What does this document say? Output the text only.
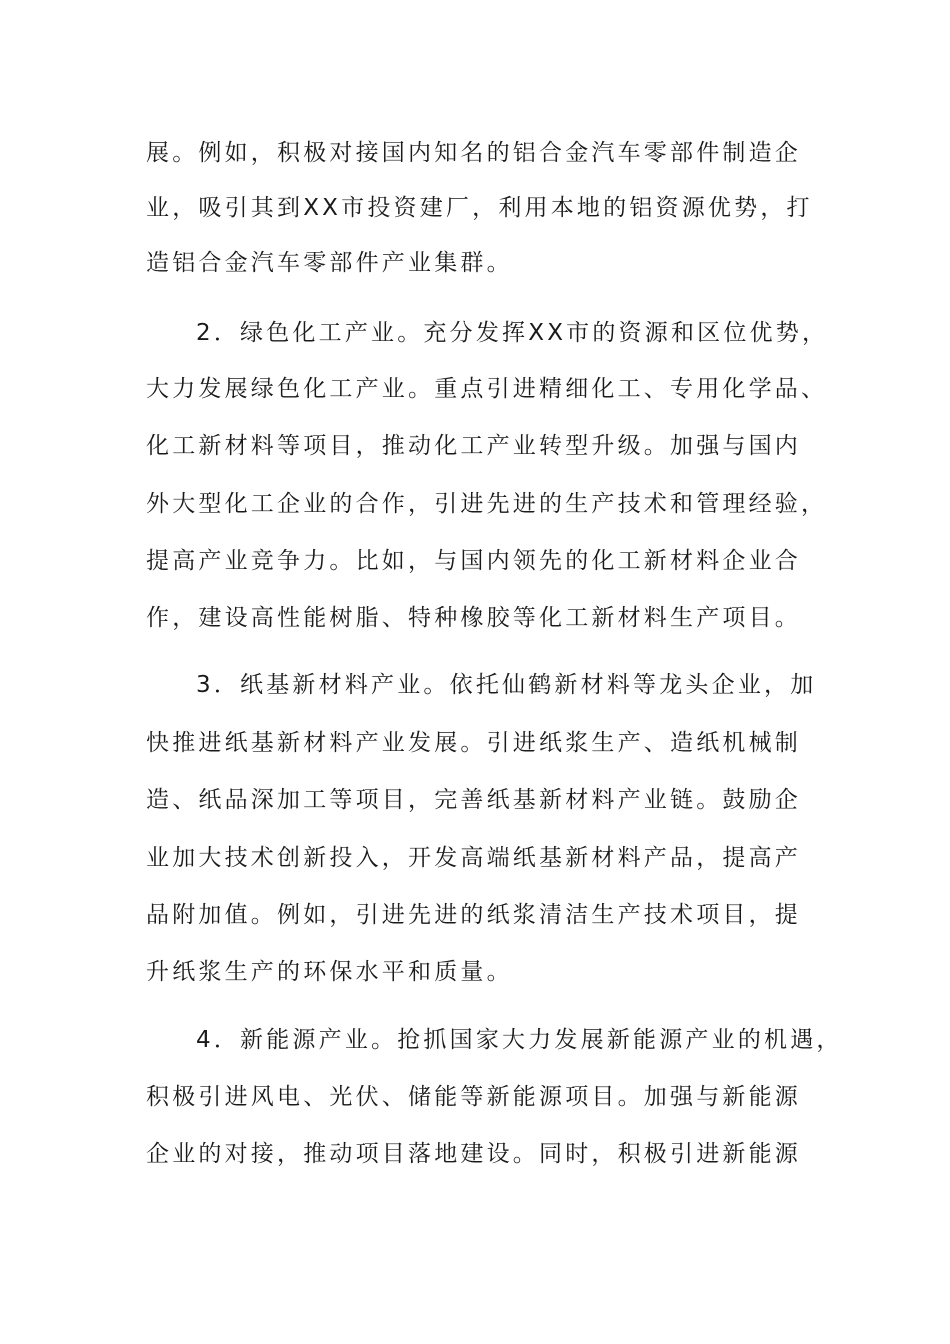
展。例如，积极对接国内知名的铝合金汽车零部件制造企
业，吸引其到XX市投资建厂，利用本地的铝资源优势，打
造铝合金汽车零部件产业集群。
2．绿色化工产业。充分发挥XX市的资源和区位优势，
大力发展绿色化工产业。重点引进精细化工、专用化学品、
化工新材料等项目，推动化工产业转型升级。加强与国内
外大型化工企业的合作，引进先进的生产技术和管理经验，
提高产业竞争力。比如，与国内领先的化工新材料企业合
作，建设高性能树脂、特种橡胶等化工新材料生产项目。
3．纸基新材料产业。依托仙鹤新材料等龙头企业，加
快推进纸基新材料产业发展。引进纸浆生产、造纸机械制
造、纸品深加工等项目，完善纸基新材料产业链。鼓励企
业加大技术创新投入，开发高端纸基新材料产品，提高产
品附加值。例如，引进先进的纸浆清洁生产技术项目，提
升纸浆生产的环保水平和质量。
4．新能源产业。抢抓国家大力发展新能源产业的机遇，
积极引进风电、光伏、储能等新能源项目。加强与新能源
企业的对接，推动项目落地建设。同时，积极引进新能源
